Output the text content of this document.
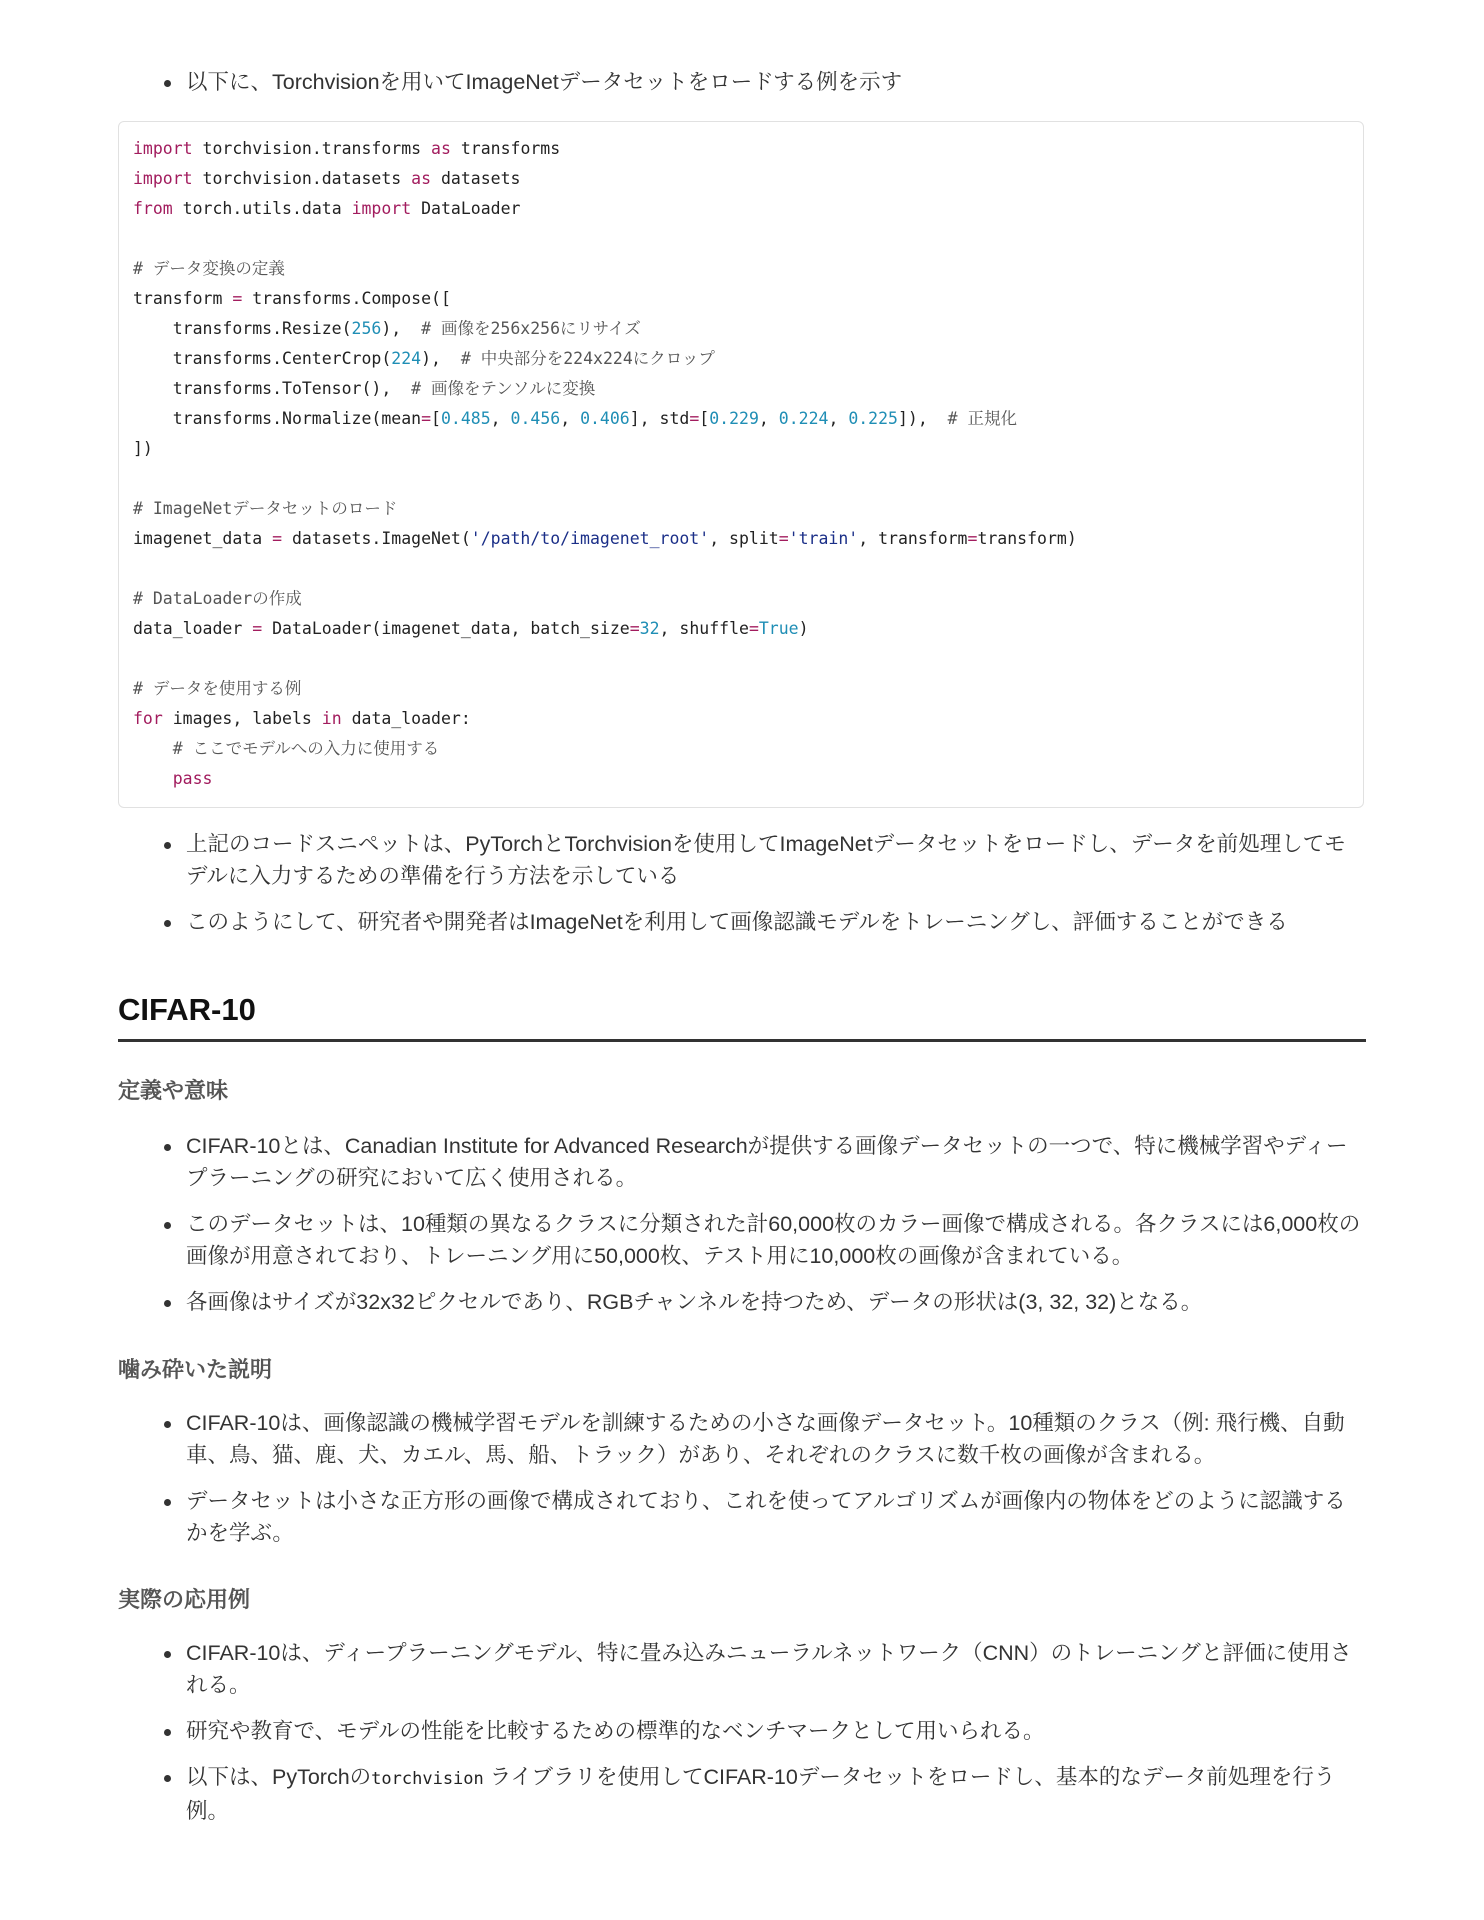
以下に、Torchvisionを用いてImageNetデータセットをロードする例を示す
import torchvision.transforms as transforms
import torchvision.datasets as datasets
from torch.utils.data import DataLoader
# データ変換の定義
transform = transforms.Compose([
transforms.Resize(256),  # 画像を256x256にリサイズ
transforms.CenterCrop(224),  # 中央部分を224x224にクロップ
transforms.ToTensor(),  # 画像をテンソルに変換
transforms.Normalize(mean=[0.485, 0.456, 0.406], std=[0.229, 0.224, 0.225]),  # 正規化
])
# ImageNetデータセットのロード
imagenet_data = datasets.ImageNet('/path/to/imagenet_root', split='train', transform=transform)
# DataLoaderの作成
data_loader = DataLoader(imagenet_data, batch_size=32, shuffle=True)
# データを使用する例
for images, labels in data_loader:
# ここでモデルへの入力に使用する
pass
上記のコードスニペットは、PyTorchとTorchvisionを使用してImageNetデータセットをロードし、データを前処理してモデルに入力するための準備を行う方法を示している
このようにして、研究者や開発者はImageNetを利用して画像認識モデルをトレーニングし、評価することができる
CIFAR-10
定義や意味
CIFAR-10とは、Canadian Institute for Advanced Researchが提供する画像データセットの一つで、特に機械学習やディープラーニングの研究において広く使用される。
このデータセットは、10種類の異なるクラスに分類された計60,000枚のカラー画像で構成される。各クラスには6,000枚の画像が用意されており、トレーニング用に50,000枚、テスト用に10,000枚の画像が含まれている。
各画像はサイズが32x32ピクセルであり、RGBチャンネルを持つため、データの形状は(3, 32, 32)となる。
噛み砕いた説明
CIFAR-10は、画像認識の機械学習モデルを訓練するための小さな画像データセット。10種類のクラス（例: 飛行機、自動車、鳥、猫、鹿、犬、カエル、馬、船、トラック）があり、それぞれのクラスに数千枚の画像が含まれる。
データセットは小さな正方形の画像で構成されており、これを使ってアルゴリズムが画像内の物体をどのように認識するかを学ぶ。
実際の応用例
CIFAR-10は、ディープラーニングモデル、特に畳み込みニューラルネットワーク（CNN）のトレーニングと評価に使用される。
研究や教育で、モデルの性能を比較するための標準的なベンチマークとして用いられる。
以下は、PyTorchのtorchvision ライブラリを使用してCIFAR-10データセットをロードし、基本的なデータ前処理を行う例。
